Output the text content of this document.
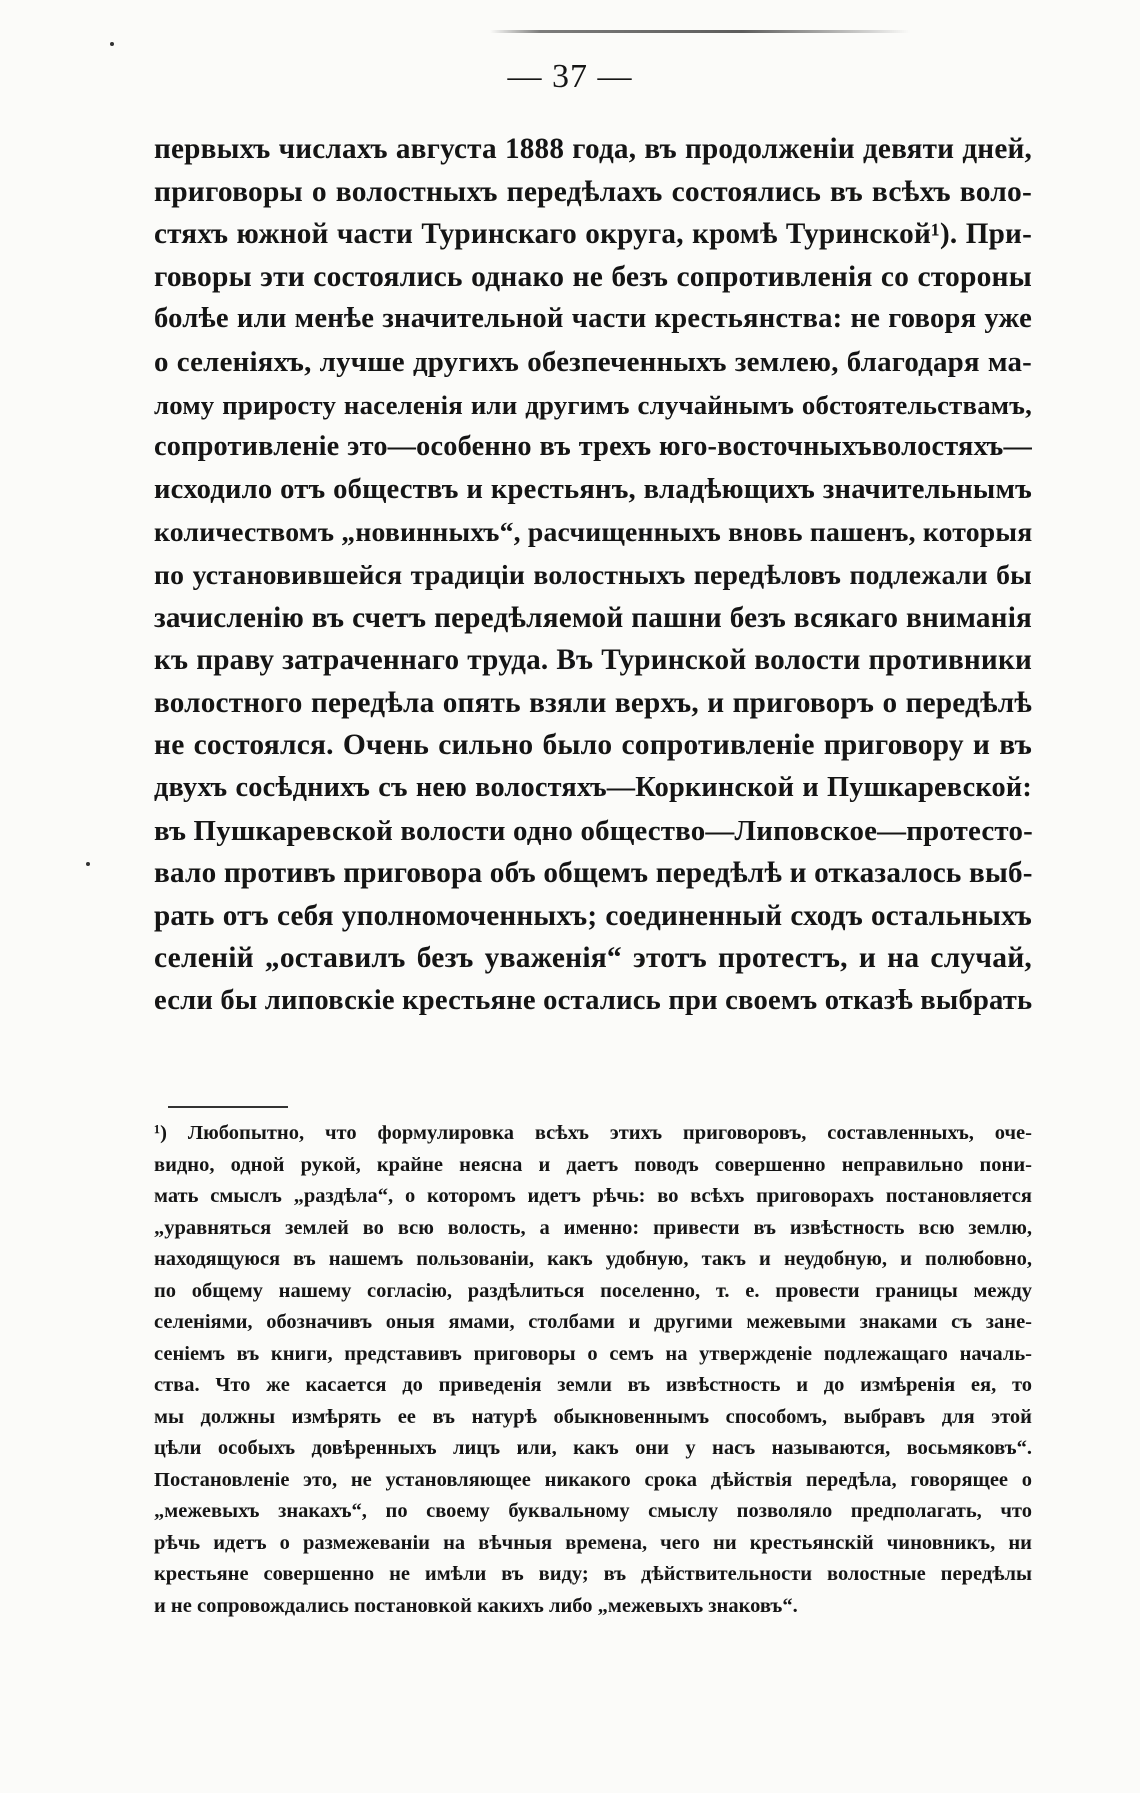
— 37 —
первыхъ числахъ августа 1888 года, въ продолженіи девяти дней,
приговоры о волостныхъ передѣлахъ состоялись въ всѣхъ воло-
стяхъ южной части Туринскаго округа, кромѣ Туринской¹). При-
говоры эти состоялись однако не безъ сопротивленія со стороны
болѣе или менѣе значительной части крестьянства: не говоря уже
о селеніяхъ, лучше другихъ обезпеченныхъ землею, благодаря ма-
лому приросту населенія или другимъ случайнымъ обстоятельствамъ,
сопротивленіе это—особенно въ трехъ юго-восточныхъволостяхъ—
исходило отъ обществъ и крестьянъ, владѣющихъ значительнымъ
количествомъ „новинныхъ“, расчищенныхъ вновь пашенъ, которыя
по установившейся традиціи волостныхъ передѣловъ подлежали бы
зачисленію въ счетъ передѣляемой пашни безъ всякаго вниманія
къ праву затраченнаго труда. Въ Туринской волости противники
волостного передѣла опять взяли верхъ, и приговоръ о передѣлѣ
не состоялся. Очень сильно было сопротивленіе приговору и въ
двухъ сосѣднихъ съ нею волостяхъ—Коркинской и Пушкаревской:
въ Пушкаревской волости одно общество—Липовское—протесто-
вало противъ приговора объ общемъ передѣлѣ и отказалось выб-
рать отъ себя уполномоченныхъ; соединенный сходъ остальныхъ
селеній „оставилъ безъ уваженія“ этотъ протестъ, и на случай,
если бы липовскіе крестьяне остались при своемъ отказѣ выбрать
¹) Любопытно, что формулировка всѣхъ этихъ приговоровъ, составленныхъ, оче-
видно, одной рукой, крайне неясна и даетъ поводъ совершенно неправильно пони-
мать смыслъ „раздѣла“, о которомъ идетъ рѣчь: во всѣхъ приговорахъ постановляется
„уравняться землей во всю волость, а именно: привести въ извѣстность всю землю,
находящуюся въ нашемъ пользованіи, какъ удобную, такъ и неудобную, и полюбовно,
по общему нашему согласію, раздѣлиться поселенно, т. е. провести границы между
селеніями, обозначивъ оныя ямами, столбами и другими межевыми знаками съ зане-
сеніемъ въ книги, представивъ приговоры о семъ на утвержденіе подлежащаго началь-
ства. Что же касается до приведенія земли въ извѣстность и до измѣренія ея, то
мы должны измѣрять ее въ натурѣ обыкновеннымъ способомъ, выбравъ для этой
цѣли особыхъ довѣренныхъ лицъ или, какъ они у насъ называются, восьмяковъ“.
Постановленіе это, не установляющее никакого срока дѣйствія передѣла, говорящее о
„межевыхъ знакахъ“, по своему буквальному смыслу позволяло предполагать, что
рѣчь идетъ о размежеваніи на вѣчныя времена, чего ни крестьянскій чиновникъ, ни
крестьяне совершенно не имѣли въ виду; въ дѣйствительности волостные передѣлы
и не сопровождались постановкой какихъ либо „межевыхъ знаковъ“.
